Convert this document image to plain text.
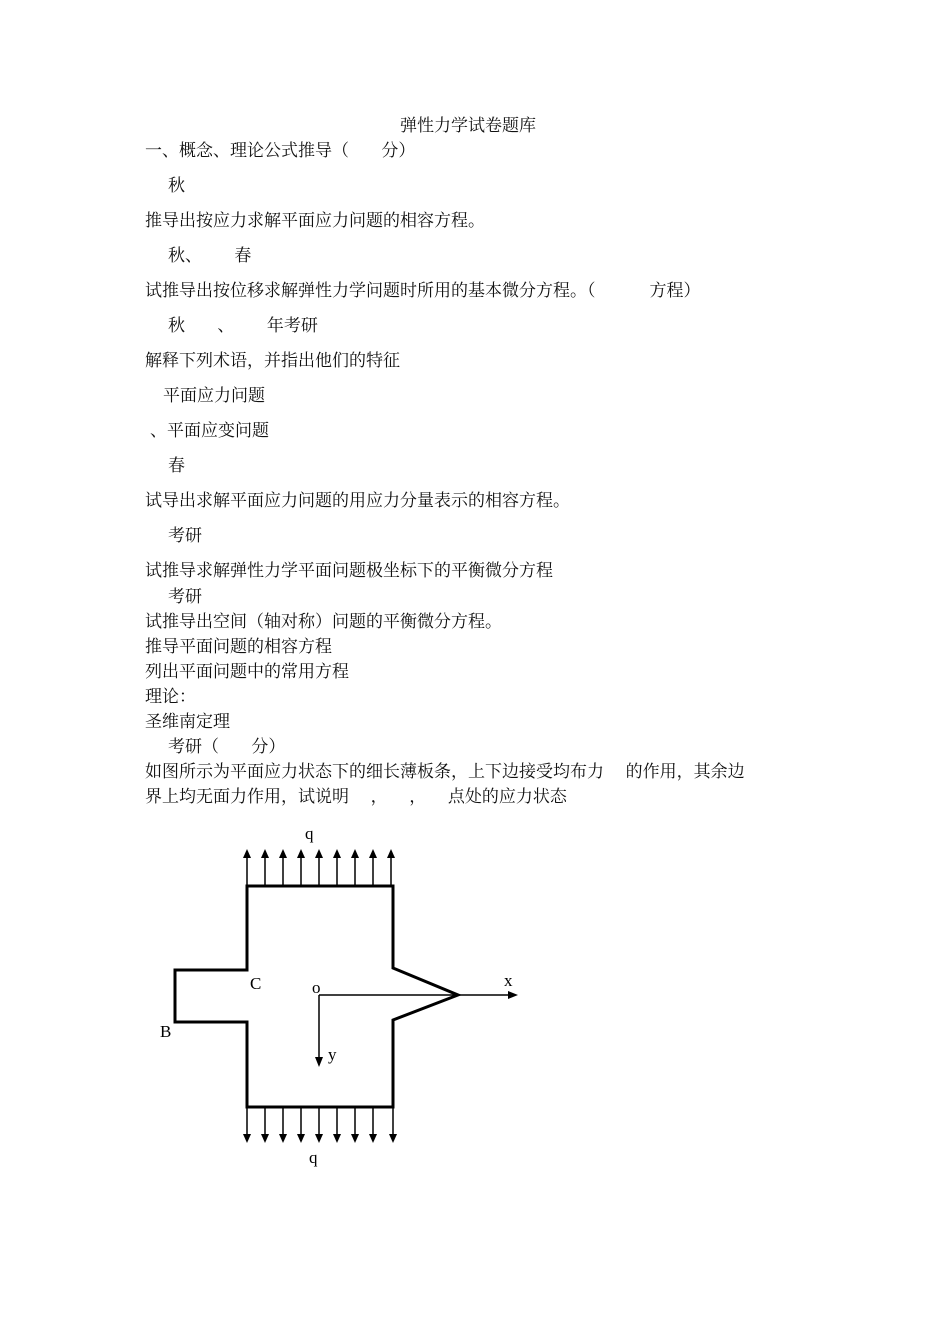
弹性力学试卷题库
一、概念、理论公式推导（      分）
秋
推导出按应力求解平面应力问题的相容方程。
秋、      春
试推导出按位移求解弹性力学问题时所用的基本微分方程。（          方程）
秋      、      年考研
解释下列术语，并指出他们的特征
平面应力问题
、平面应变问题
春
试导出求解平面应力问题的用应力分量表示的相容方程。
考研
试推导求解弹性力学平面问题极坐标下的平衡微分方程
考研
试推导出空间（轴对称）问题的平衡微分方程。
推导平面问题的相容方程
列出平面问题中的常用方程
理论：
圣维南定理
考研（      分）
如图所示为平面应力状态下的细长薄板条，上下边接受均布力    的作用，其余边
界上均无面力作用，试说明    ，    ，    点处的应力状态
q
q
C
B
o	x
y
